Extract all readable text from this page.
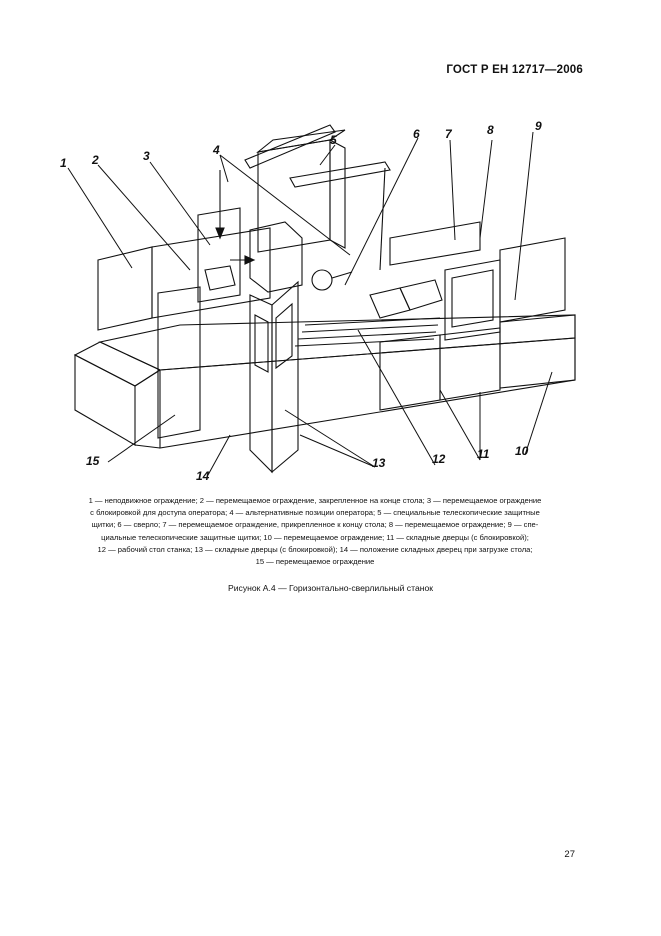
ГОСТ Р ЕН 12717—2006
1 2	3	4
5	6 7	8	9
10
11
12
13
14
15
1 — неподвижное ограждение; 2 — перемещаемое ограждение, закрепленное на конце стола; 3 — перемещаемое ограждение
с блокировкой для доступа оператора; 4 — альтернативные позиции оператора; 5 — специальные телескопические защитные
щитки; 6 — сверло; 7 — перемещаемое ограждение, прикрепленное к концу стола; 8 — перемещаемое ограждение; 9 — спе-
циальные телескопические защитные щитки; 10 — перемещаемое ограждение; 11 — складные дверцы (с блокировкой);
12 — рабочий стол станка; 13 — складные дверцы (с блокировкой); 14 — положение складных дверец при загрузке стола;
15 — перемещаемое ограждение
Рисунок А.4 — Горизонтально-сверлильный станок
27
